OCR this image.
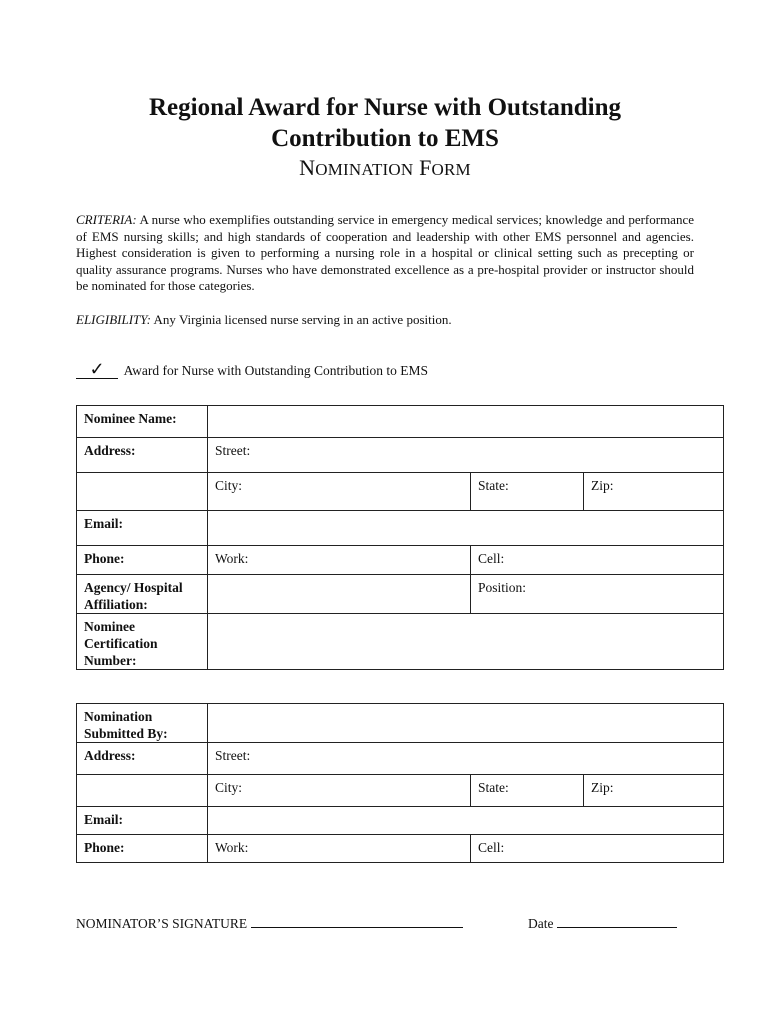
Regional Award for Nurse with Outstanding
Contribution to EMS
NOMINATION FORM
CRITERIA: A nurse who exemplifies outstanding service in emergency medical services; knowledge and performance of EMS nursing skills; and high standards of cooperation and leadership with other EMS personnel and agencies. Highest consideration is given to performing a nursing role in a hospital or clinical setting such as precepting or quality assurance programs. Nurses who have demonstrated excellence as a pre-hospital provider or instructor should be nominated for those categories.
ELIGIBILITY: Any Virginia licensed nurse serving in an active position.
✓ Award for Nurse with Outstanding Contribution to EMS
Nominee Name:			
Address:	Street:		
	City:	State:	Zip:
Email:			
Phone:	Work:	Cell:	
Agency/ Hospital Affiliation:		Position:	
Nominee Certification Number:			
Nomination Submitted By:			
Address:	Street:		
	City:	State:	Zip:
Email:			
Phone:	Work:	Cell:	
NOMINATOR’S SIGNATURE	Date
